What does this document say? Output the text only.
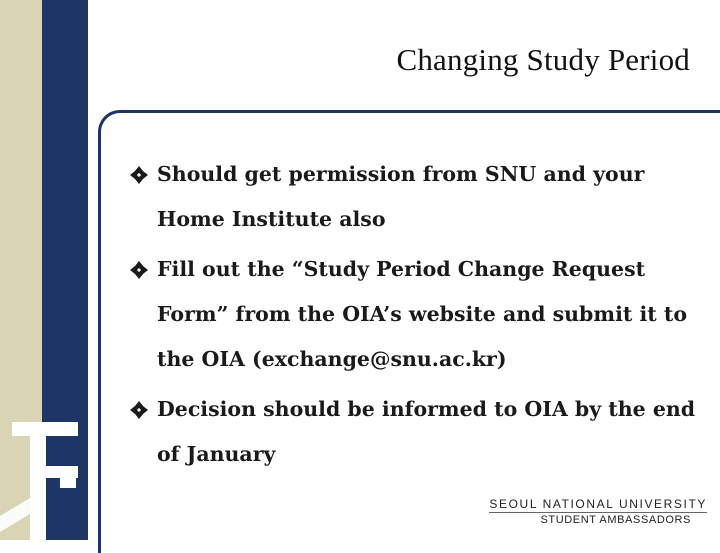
Changing Study Period
Should get permission from SNU and your Home Institute also
Fill out the “Study Period Change Request Form” from the OIA’s website and submit it to the OIA (exchange@snu.ac.kr)
Decision should be informed to OIA by the end of January
SEOUL NATIONAL UNIVERSITY
STUDENT AMBASSADORS
